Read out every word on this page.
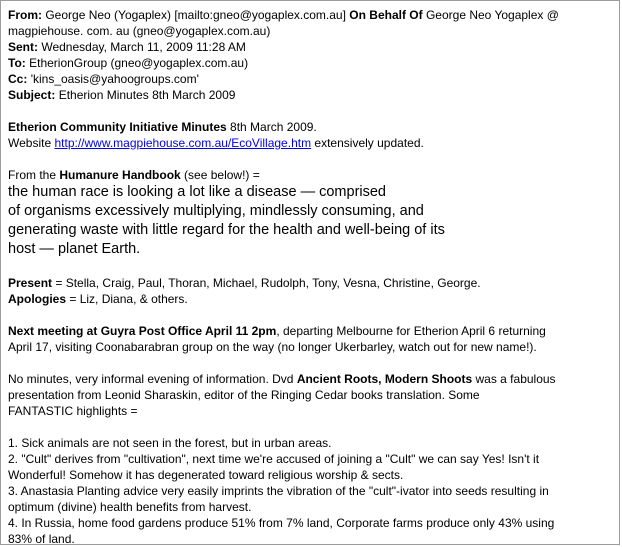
From: George Neo (Yogaplex) [mailto:gneo@yogaplex.com.au] On Behalf Of George Neo Yogaplex @

magpiehouse. com. au (gneo@yogaplex.com.au)

Sent: Wednesday, March 11, 2009 11:28 AM

To: EtherionGroup (gneo@yogaplex.com.au)

Cc: 'kins_oasis@yahoogroups.com'

Subject: Etherion Minutes 8th March 2009

Etherion Community Initiative Minutes 8th March 2009.

Website http://www.magpiehouse.com.au/EcoVillage.htm extensively updated.

From the Humanure Handbook (see below!) =

the human race is looking a lot like a disease — comprised
of organisms excessively multiplying, mindlessly consuming, and
generating waste with little regard for the health and well-being of its
host — planet Earth.

Present = Stella, Craig, Paul, Thoran, Michael, Rudolph, Tony, Vesna, Christine, George.

Apologies = Liz, Diana, & others.

Next meeting at Guyra Post Office April 11 2pm, departing Melbourne for Etherion April 6 returning

April 17, visiting Coonabarabran group on the way (no longer Ukerbarley, watch out for new name!).

No minutes, very informal evening of information. Dvd Ancient Roots, Modern Shoots was a fabulous

presentation from Leonid Sharaskin, editor of the Ringing Cedar books translation. Some

FANTASTIC highlights =

1. Sick animals are not seen in the forest, but in urban areas.

2. "Cult" derives from "cultivation", next time we're accused of joining a "Cult" we can say Yes! Isn't it

Wonderful! Somehow it has degenerated toward religious worship & sects.

3. Anastasia Planting advice very easily imprints the vibration of the "cult"-ivator into seeds resulting in

optimum (divine) health benefits from harvest.

4. In Russia, home food gardens produce 51% from 7% land, Corporate farms produce only 43% using

83% of land.
